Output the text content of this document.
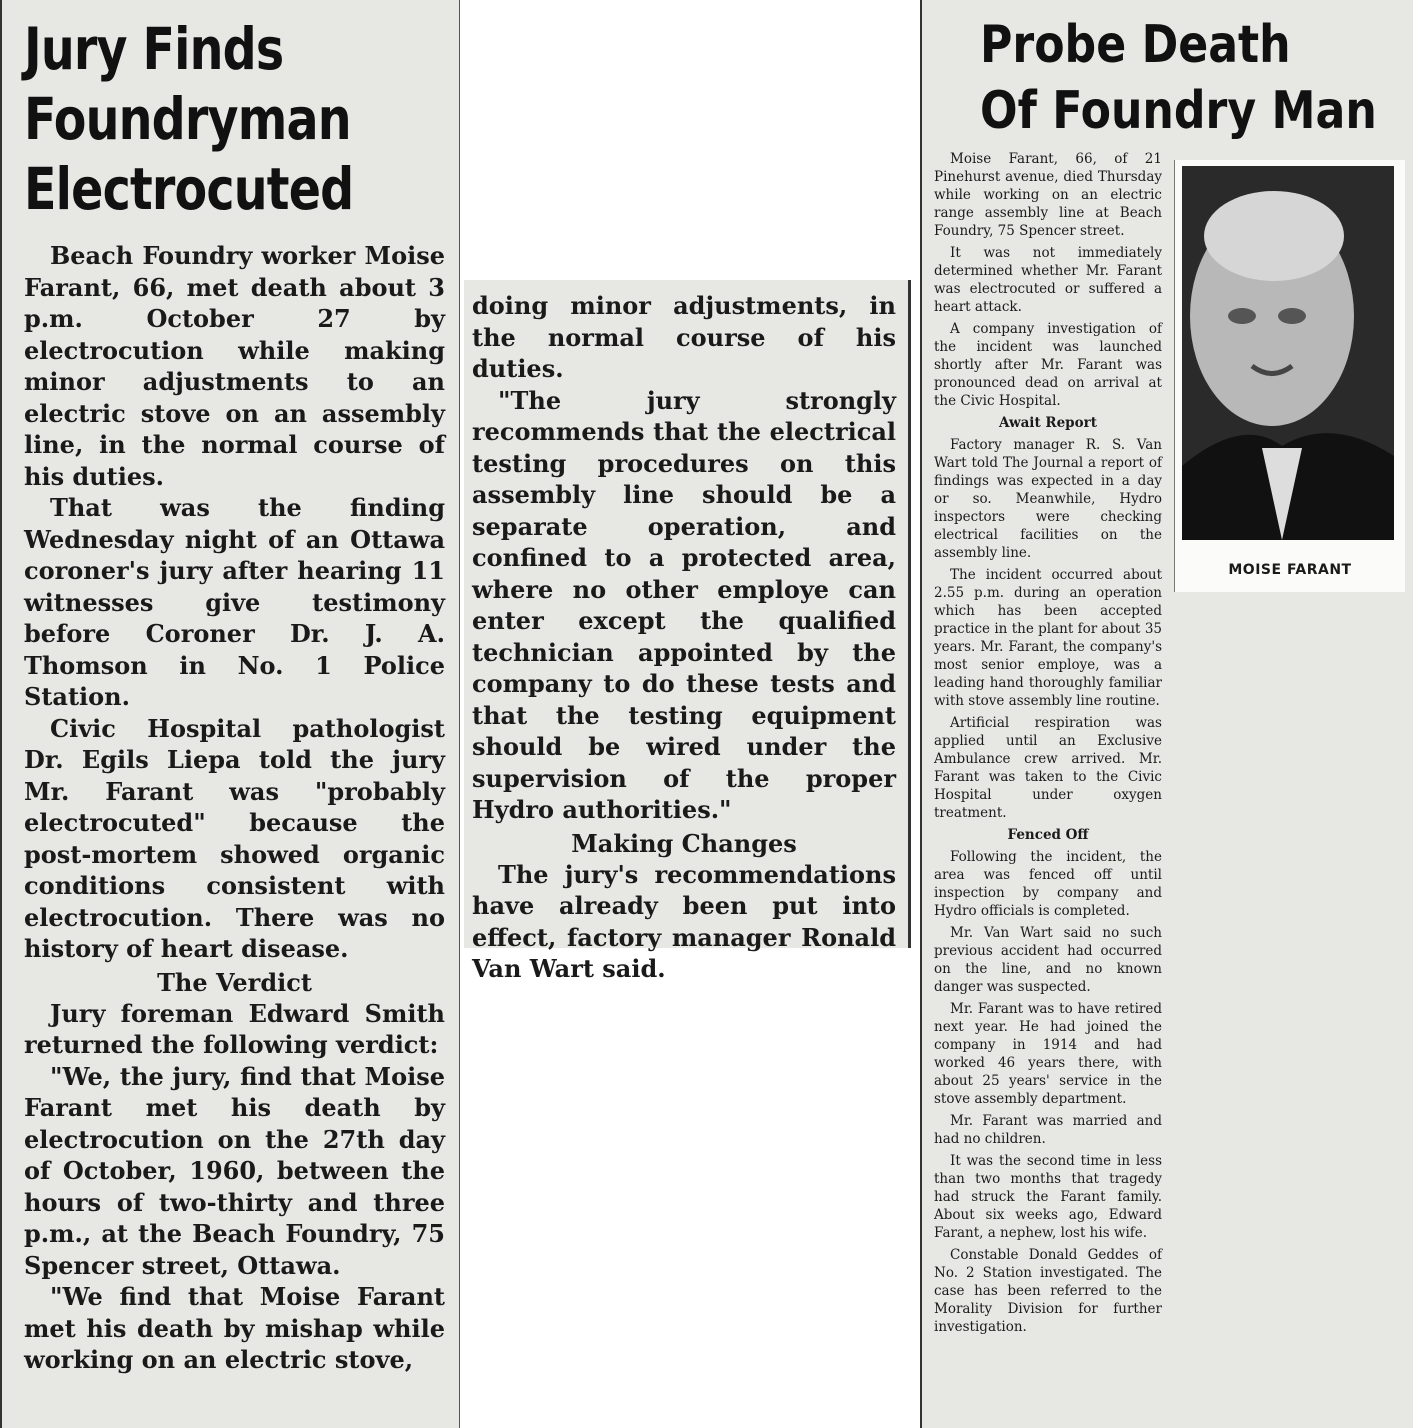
Jury Finds
Foundryman
Electrocuted

Beach Foundry worker Moise Farant, 66, met death about 3 p.m. October 27 by electrocution while making minor adjustments to an electric stove on an assembly line, in the normal course of his duties.

That was the finding Wednesday night of an Ottawa coroner's jury after hearing 11 witnesses give testimony before Coroner Dr. J. A. Thomson in No. 1 Police Station.

Civic Hospital pathologist Dr. Egils Liepa told the jury Mr. Farant was "probably electrocuted" because the post-mortem showed organic conditions consistent with electrocution. There was no history of heart disease.

The Verdict

Jury foreman Edward Smith returned the following verdict:

"We, the jury, find that Moise Farant met his death by electrocution on the 27th day of October, 1960, between the hours of two-thirty and three p.m., at the Beach Foundry, 75 Spencer street, Ottawa.

"We find that Moise Farant met his death by mishap while working on an electric stove,

doing minor adjustments, in the normal course of his duties.

"The jury strongly recommends that the electrical testing procedures on this assembly line should be a separate operation, and confined to a protected area, where no other employe can enter except the qualified technician appointed by the company to do these tests and that the testing equipment should be wired under the supervision of the proper Hydro authorities."

Making Changes

The jury's recommendations have already been put into effect, factory manager Ronald Van Wart said.

Probe Death
Of Foundry Man

Moise Farant, 66, of 21 Pinehurst avenue, died Thursday while working on an electric range assembly line at Beach Foundry, 75 Spencer street.

It was not immediately determined whether Mr. Farant was electrocuted or suffered a heart attack.

A company investigation of the incident was launched shortly after Mr. Farant was pronounced dead on arrival at the Civic Hospital.

Await Report

Factory manager R. S. Van Wart told The Journal a report of findings was expected in a day or so. Meanwhile, Hydro inspectors were checking electrical facilities on the assembly line.

The incident occurred about 2.55 p.m. during an operation which has been accepted practice in the plant for about 35 years. Mr. Farant, the company's most senior employe, was a leading hand thoroughly familiar with stove assembly line routine.

Artificial respiration was applied until an Exclusive Ambulance crew arrived. Mr. Farant was taken to the Civic Hospital under oxygen treatment.

Fenced Off

Following the incident, the area was fenced off until inspection by company and Hydro officials is completed.

Mr. Van Wart said no such previous accident had occurred on the line, and no known danger was suspected.

Mr. Farant was to have retired next year. He had joined the company in 1914 and had worked 46 years there, with about 25 years' service in the stove assembly department.

Mr. Farant was married and had no children.

It was the second time in less than two months that tragedy had struck the Farant family. About six weeks ago, Edward Farant, a nephew, lost his wife.

Constable Donald Geddes of No. 2 Station investigated. The case has been referred to the Morality Division for further investigation.

MOISE FARANT
